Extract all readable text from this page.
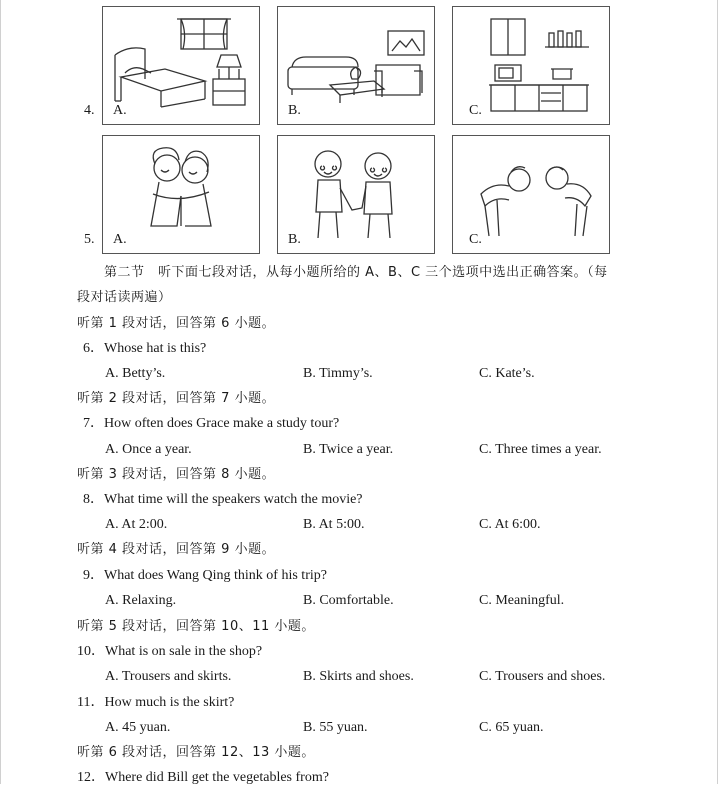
4. A.	B.	C.
5. A.	B.	C.
第二节　听下面七段对话，从每小题所给的 A、B、C 三个选项中选出正确答案。（每
段对话读两遍）
听第 1 段对话，回答第 6 小题。
6．Whose hat is this?
A. Betty’s.	B. Timmy’s.	C. Kate’s.
听第 2 段对话，回答第 7 小题。
7．How often does Grace make a study tour?
A. Once a year.	B. Twice a year.	C. Three times a year.
听第 3 段对话，回答第 8 小题。
8．What time will the speakers watch the movie?
A. At 2:00.	B. At 5:00.	C. At 6:00.
听第 4 段对话，回答第 9 小题。
9．What does Wang Qing think of his trip?
A. Relaxing.	B. Comfortable.	C. Meaningful.
听第 5 段对话，回答第 10、11 小题。
10．What is on sale in the shop?
A. Trousers and skirts.	B. Skirts and shoes.	C. Trousers and shoes.
11．How much is the skirt?
A. 45 yuan.	B. 55 yuan.	C. 65 yuan.
听第 6 段对话，回答第 12、13 小题。
12．Where did Bill get the vegetables from?
